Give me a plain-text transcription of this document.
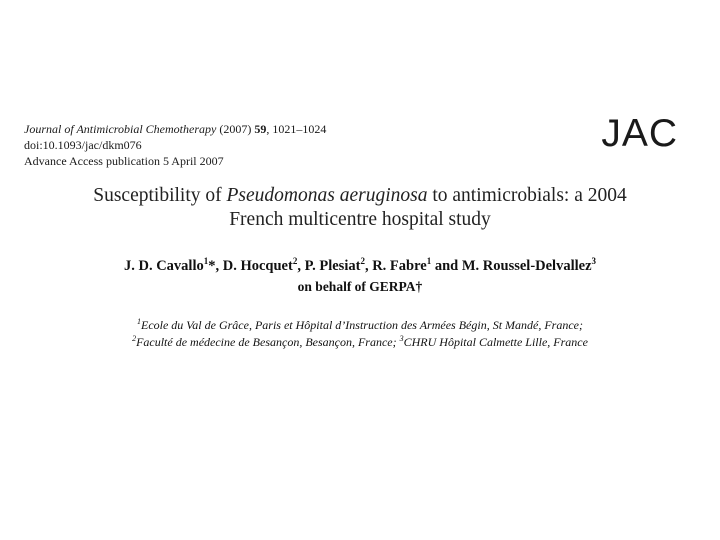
Journal of Antimicrobial Chemotherapy (2007) 59, 1021–1024
doi:10.1093/jac/dkm076
Advance Access publication 5 April 2007
JAC
Susceptibility of Pseudomonas aeruginosa to antimicrobials: a 2004
French multicentre hospital study
J. D. Cavallo$^1$*, D. Hocquet$^2$, P. Plesiat$^2$, R. Fabre$^1$ and M. Roussel-Delvallez$^3$
on behalf of GERPA†
$^1$Ecole du Val de Grâce, Paris et Hôpital d’Instruction des Armées Bégin, St Mandé, France;
$^2$Faculté de médecine de Besançon, Besançon, France; $^3$CHRU Hôpital Calmette Lille, France
